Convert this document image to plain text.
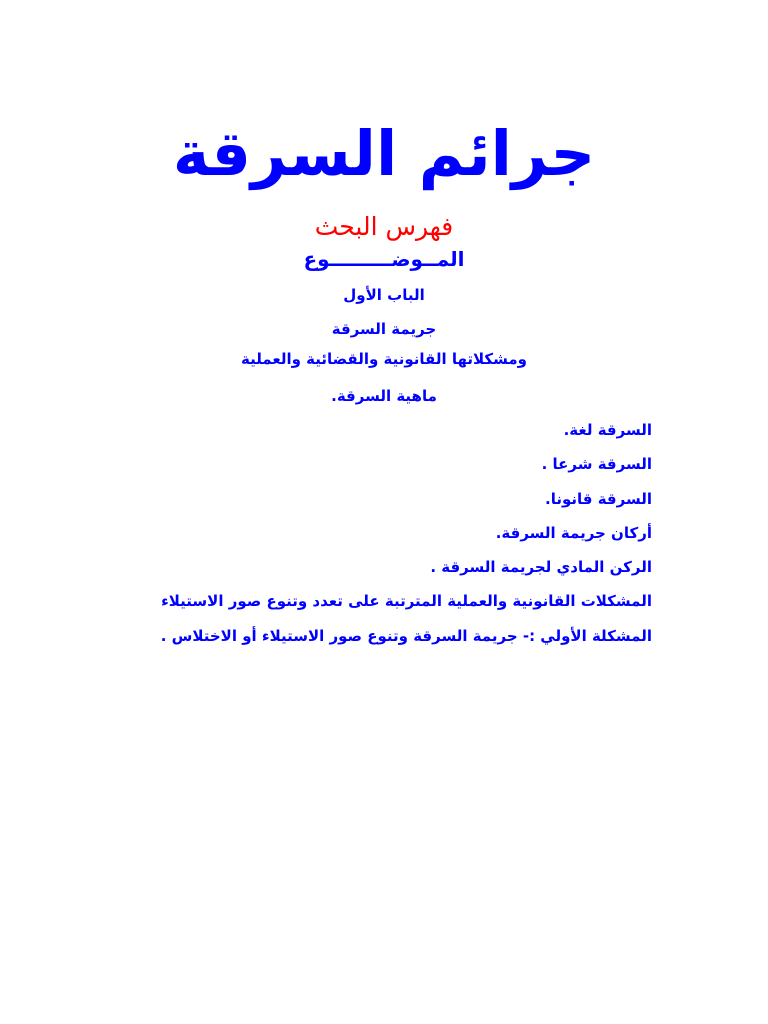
جرائم السرقة
فهرس البحث
المــوضـــــــــوع
الباب الأول
جريمة السرقة
ومشكلاتها القانونية والقضائية والعملية
ماهية السرقة.
السرقة لغة.
السرقة شرعا .
السرقة قانونا.
أركان جريمة السرقة.
الركن المادي لجريمة السرقة .
المشكلات القانونية والعملية المترتبة على تعدد وتنوع صور الاستيلاء
المشكلة الأولي :- جريمة السرقة وتنوع صور الاستيلاء أو الاختلاس .
